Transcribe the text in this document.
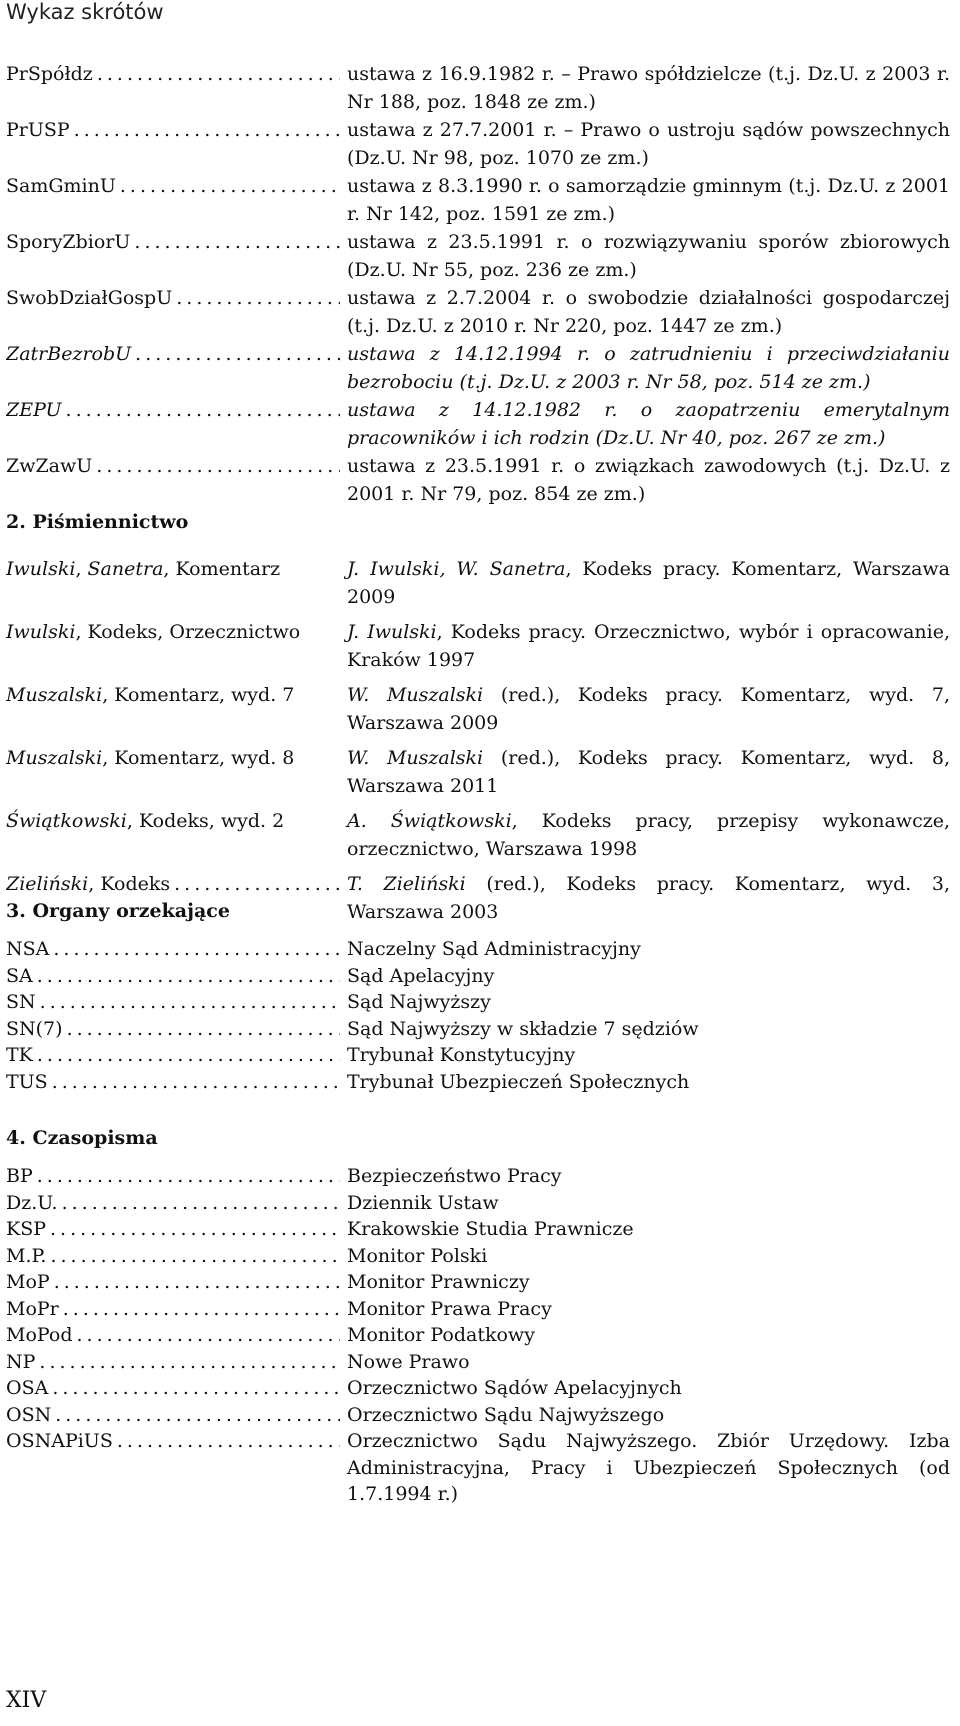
Wykaz skrótów
PrSpółdz .....	ustawa z 16.9.1982 r. – Prawo spółdzielcze (t.j. Dz.U. z 2003 r. Nr 188, poz. 1848 ze zm.)
PrUSP .....	ustawa z 27.7.2001 r. – Prawo o ustroju sądów powszechnych (Dz.U. Nr 98, poz. 1070 ze zm.)
SamGminU .....	ustawa z 8.3.1990 r. o samorządzie gminnym (t.j. Dz.U. z 2001 r. Nr 142, poz. 1591 ze zm.)
SporyZbiorU .....	ustawa z 23.5.1991 r. o rozwiązywaniu sporów zbiorowych (Dz.U. Nr 55, poz. 236 ze zm.)
SwobDziałGospU .....	ustawa z 2.7.2004 r. o swobodzie działalności gospodarczej (t.j. Dz.U. z 2010 r. Nr 220, poz. 1447 ze zm.)
ZatrBezrobU .....	ustawa z 14.12.1994 r. o zatrudnieniu i przeciwdziałaniu bezrobociu (t.j. Dz.U. z 2003 r. Nr 58, poz. 514 ze zm.)
ZEPU .....	ustawa z 14.12.1982 r. o zaopatrzeniu emerytalnym pracowników i ich rodzin (Dz.U. Nr 40, poz. 267 ze zm.)
ZwZawU .....	ustawa z 23.5.1991 r. o związkach zawodowych (t.j. Dz.U. z 2001 r. Nr 79, poz. 854 ze zm.)
2. Piśmiennictwo
Iwulski, Sanetra, Komentarz	J. Iwulski, W. Sanetra, Kodeks pracy. Komentarz, Warszawa 2009
Iwulski, Kodeks, Orzecznictwo	J. Iwulski, Kodeks pracy. Orzecznictwo, wybór i opracowanie, Kraków 1997
Muszalski, Komentarz, wyd. 7	W. Muszalski (red.), Kodeks pracy. Komentarz, wyd. 7, Warszawa 2009
Muszalski, Komentarz, wyd. 8	W. Muszalski (red.), Kodeks pracy. Komentarz, wyd. 8, Warszawa 2011
Świątkowski, Kodeks, wyd. 2	A. Świątkowski, Kodeks pracy, przepisy wykonawcze, orzecznictwo, Warszawa 1998
Zieliński, Kodeks .....	T. Zieliński (red.), Kodeks pracy. Komentarz, wyd. 3, Warszawa 2003
3. Organy orzekające
NSA .....	Naczelny Sąd Administracyjny
SA .....	Sąd Apelacyjny
SN .....	Sąd Najwyższy
SN(7) .....	Sąd Najwyższy w składzie 7 sędziów
TK .....	Trybunał Konstytucyjny
TUS .....	Trybunał Ubezpieczeń Społecznych
4. Czasopisma
BP .....	Bezpieczeństwo Pracy
Dz.U. .....	Dziennik Ustaw
KSP .....	Krakowskie Studia Prawnicze
M.P. .....	Monitor Polski
MoP .....	Monitor Prawniczy
MoPr .....	Monitor Prawa Pracy
MoPod .....	Monitor Podatkowy
NP .....	Nowe Prawo
OSA .....	Orzecznictwo Sądów Apelacyjnych
OSN .....	Orzecznictwo Sądu Najwyższego
OSNAPiUS .....	Orzecznictwo Sądu Najwyższego. Zbiór Urzędowy. Izba Administracyjna, Pracy i Ubezpieczeń Społecznych (od 1.7.1994 r.)
XIV
